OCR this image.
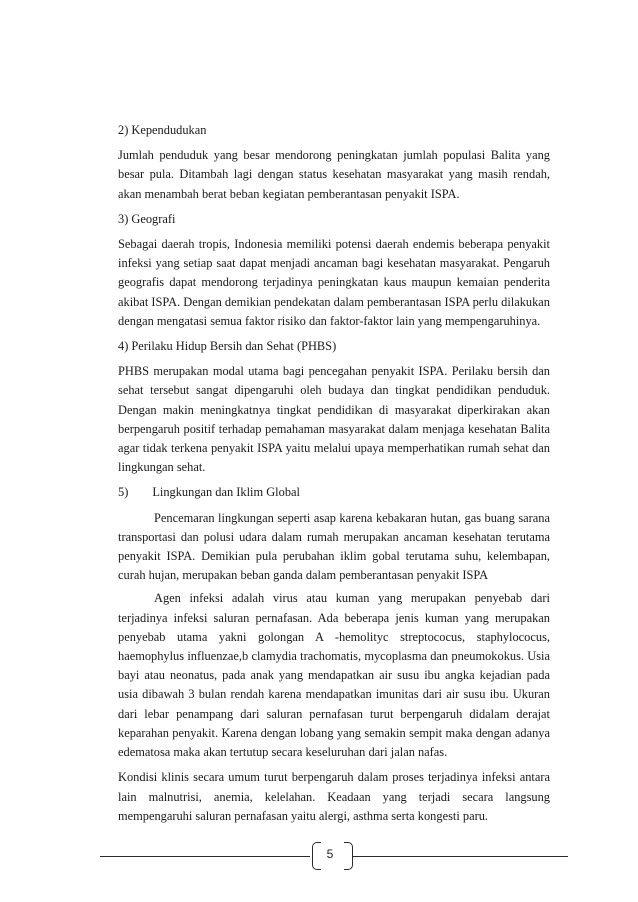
2) Kependudukan

Jumlah penduduk yang besar mendorong peningkatan jumlah populasi Balita yang besar pula. Ditambah lagi dengan status kesehatan masyarakat yang masih rendah, akan menambah berat beban kegiatan pemberantasan penyakit ISPA.

3) Geografi

Sebagai daerah tropis, Indonesia memiliki potensi daerah endemis beberapa penyakit infeksi yang setiap saat dapat menjadi ancaman bagi kesehatan masyarakat. Pengaruh geografis dapat mendorong terjadinya peningkatan kaus maupun kemaian penderita akibat ISPA. Dengan demikian pendekatan dalam pemberantasan ISPA perlu dilakukan dengan mengatasi semua faktor risiko dan faktor-faktor lain yang mempengaruhinya.

4) Perilaku Hidup Bersih dan Sehat (PHBS)

PHBS merupakan modal utama bagi pencegahan penyakit ISPA. Perilaku bersih dan sehat tersebut sangat dipengaruhi oleh budaya dan tingkat pendidikan penduduk. Dengan makin meningkatnya tingkat pendidikan di masyarakat diperkirakan akan berpengaruh positif terhadap pemahaman masyarakat dalam menjaga kesehatan Balita agar tidak terkena penyakit ISPA yaitu melalui upaya memperhatikan rumah sehat dan lingkungan sehat.

5) Lingkungan dan Iklim Global

Pencemaran lingkungan seperti asap karena kebakaran hutan, gas buang sarana transportasi dan polusi udara dalam rumah merupakan ancaman kesehatan terutama penyakit ISPA. Demikian pula perubahan iklim gobal terutama suhu, kelembapan, curah hujan, merupakan beban ganda dalam pemberantasan penyakit ISPA

Agen infeksi adalah virus atau kuman yang merupakan penyebab dari terjadinya infeksi saluran pernafasan. Ada beberapa jenis kuman yang merupakan penyebab utama yakni golongan A -hemolityc streptococus, staphylococus, haemophylus influenzae,b clamydia trachomatis, mycoplasma dan pneumokokus. Usia bayi atau neonatus, pada anak yang mendapatkan air susu ibu angka kejadian pada usia dibawah 3 bulan rendah karena mendapatkan imunitas dari air susu ibu. Ukuran dari lebar penampang dari saluran pernafasan turut berpengaruh didalam derajat keparahan penyakit. Karena dengan lobang yang semakin sempit maka dengan adanya edematosa maka akan tertutup secara keseluruhan dari jalan nafas.

Kondisi klinis secara umum turut berpengaruh dalam proses terjadinya infeksi antara lain malnutrisi, anemia, kelelahan. Keadaan yang terjadi secara langsung mempengaruhi saluran pernafasan yaitu alergi, asthma serta kongesti paru.

5
